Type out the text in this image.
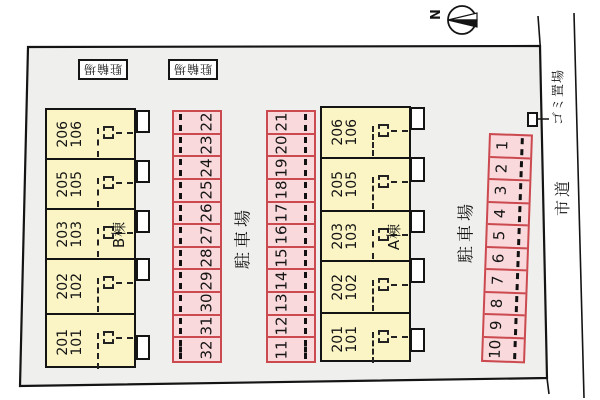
N
駐輪場	駐輪場
206
106
205
105
203
103 B棟
202
102
201
101
206
106
205
105
203
103 A棟
202
102
201
101
22
23
24
25
26
27
28
29
30
31
32
21
20
19
18
17
16
15
14
13
12
11
1
2
3
4
5
6
7
8
9
10
駐車場	駐車場
ゴミ置場
市道
